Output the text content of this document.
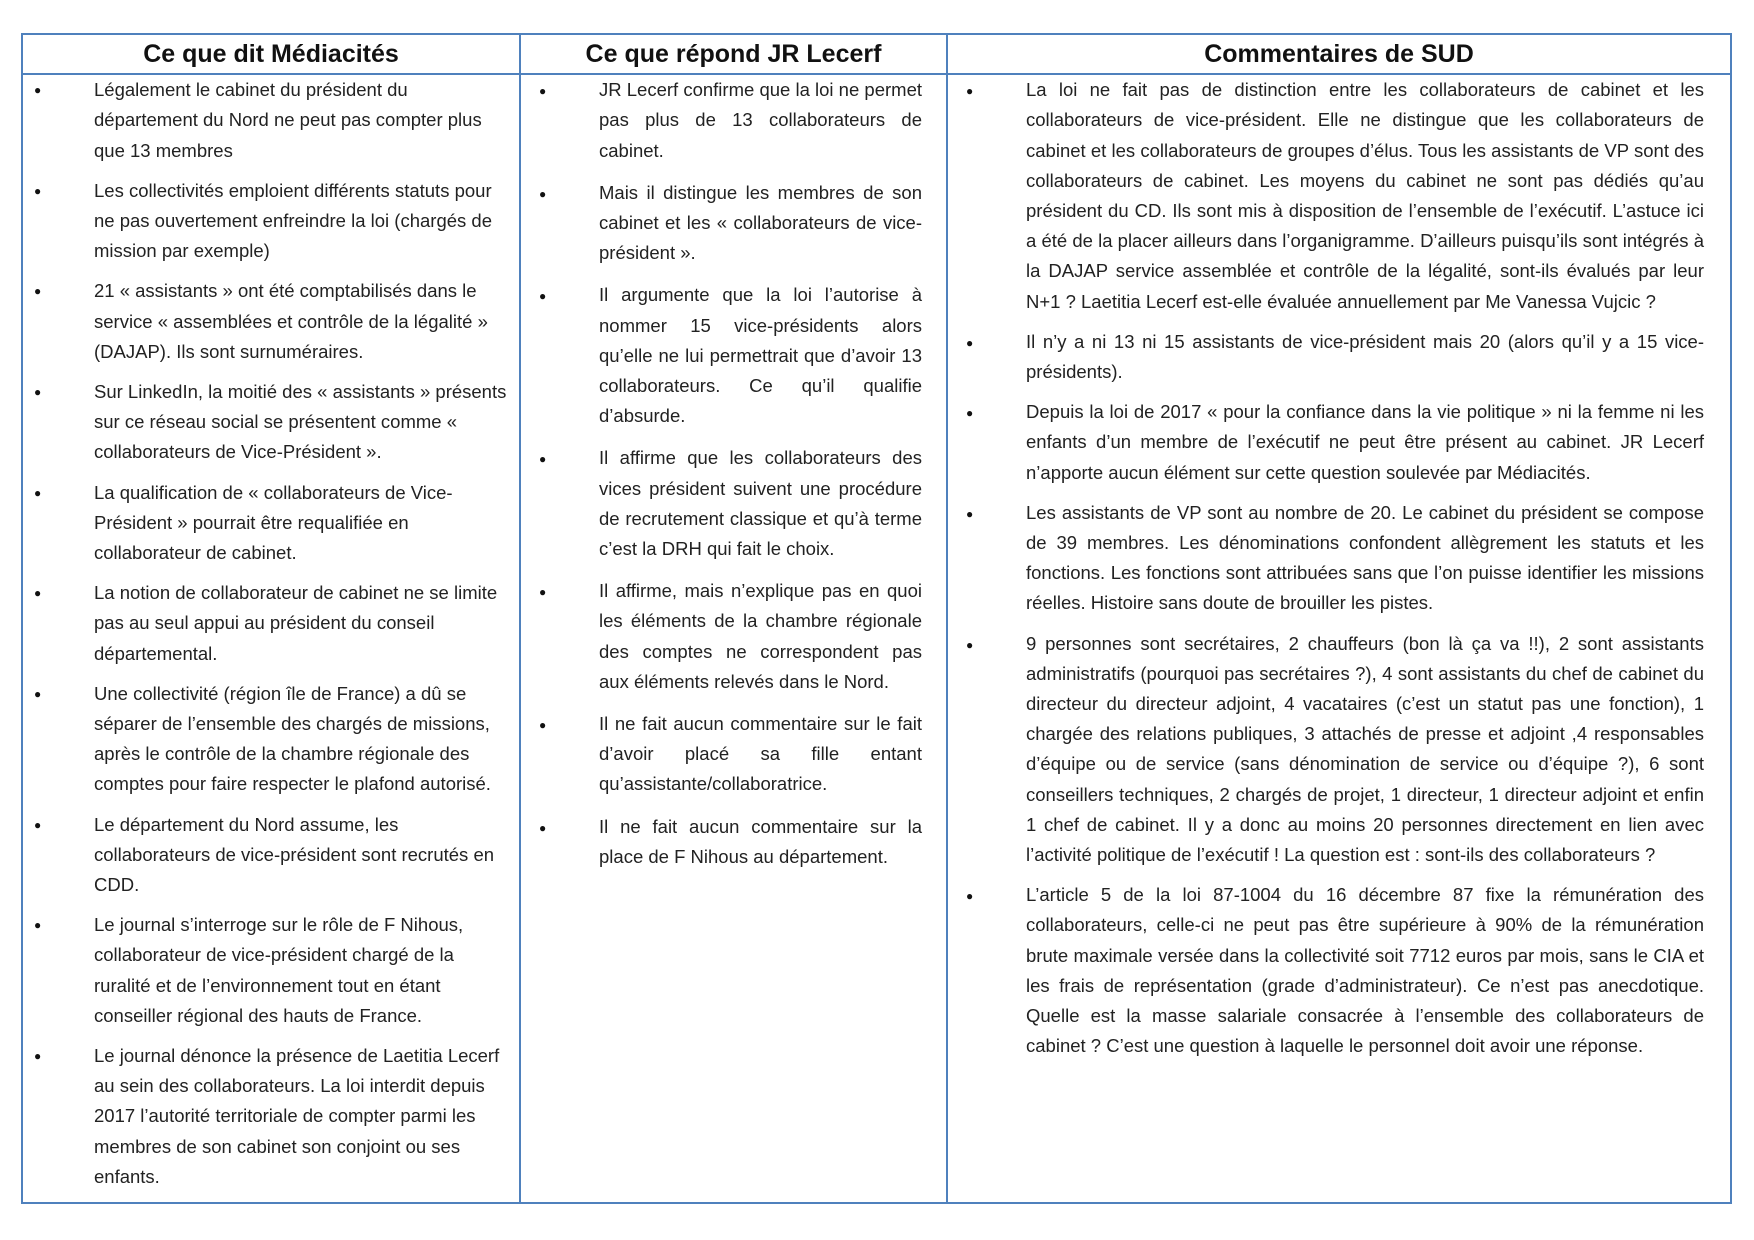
Ce que dit Médiacités	Ce que répond JR Lecerf	Commentaires de SUD
● Légalement le cabinet du président du département du Nord ne peut pas compter plus que 13 membres
● Les collectivités emploient différents statuts pour ne pas ouvertement enfreindre la loi (chargés de mission par exemple)
● 21 « assistants » ont été comptabilisés dans le service « assemblées et contrôle de la légalité » (DAJAP). Ils sont surnuméraires.
● Sur LinkedIn, la moitié des « assistants » présents sur ce réseau social se présentent comme « collaborateurs de Vice-Président ».
● La qualification de « collaborateurs de Vice-Président » pourrait être requalifiée en collaborateur de cabinet.
● La notion de collaborateur de cabinet ne se limite pas au seul appui au président du conseil départemental.
● Une collectivité (région île de France) a dû se séparer de l’ensemble des chargés de missions, après le contrôle de la chambre régionale des comptes pour faire respecter le plafond autorisé.
● Le département du Nord assume, les collaborateurs de vice-président sont recrutés en CDD.
● Le journal s’interroge sur le rôle de F Nihous, collaborateur de vice-président chargé de la ruralité et de l’environnement tout en étant conseiller régional des hauts de France.
● Le journal dénonce la présence de Laetitia Lecerf au sein des collaborateurs. La loi interdit depuis 2017 l’autorité territoriale de compter parmi les membres de son cabinet son conjoint ou ses enfants.
● JR Lecerf confirme que la loi ne permet pas plus de 13 collaborateurs de cabinet.
● Mais il distingue les membres de son cabinet et les « collaborateurs de vice-président ».
● Il argumente que la loi l’autorise à nommer 15 vice-présidents alors qu’elle ne lui permettrait que d’avoir 13 collaborateurs. Ce qu’il qualifie d’absurde.
● Il affirme que les collaborateurs des vices président suivent une procédure de recrutement classique et qu’à terme c’est la DRH qui fait le choix.
● Il affirme, mais n’explique pas en quoi les éléments de la chambre régionale des comptes ne correspondent pas aux éléments relevés dans le Nord.
● Il ne fait aucun commentaire sur le fait d’avoir placé sa fille entant qu’assistante/collaboratrice.
● Il ne fait aucun commentaire sur la place de F Nihous au département.
● La loi ne fait pas de distinction entre les collaborateurs de cabinet et les collaborateurs de vice-président. Elle ne distingue que les collaborateurs de cabinet et les collaborateurs de groupes d’élus. Tous les assistants de VP sont des collaborateurs de cabinet. Les moyens du cabinet ne sont pas dédiés qu’au président du CD. Ils sont mis à disposition de l’ensemble de l’exécutif. L’astuce ici a été de la placer ailleurs dans l’organigramme. D’ailleurs puisqu’ils sont intégrés à la DAJAP service assemblée et contrôle de la légalité, sont-ils évalués par leur N+1 ? Laetitia Lecerf est-elle évaluée annuellement par Me Vanessa Vujcic ?
● Il n’y a ni 13 ni 15 assistants de vice-président mais 20 (alors qu’il y a 15 vice-présidents).
● Depuis la loi de 2017 « pour la confiance dans la vie politique » ni la femme ni les enfants d’un membre de l’exécutif ne peut être présent au cabinet. JR Lecerf n’apporte aucun élément sur cette question soulevée par Médiacités.
● Les assistants de VP sont au nombre de 20. Le cabinet du président se compose de 39 membres. Les dénominations confondent allègrement les statuts et les fonctions. Les fonctions sont attribuées sans que l’on puisse identifier les missions réelles. Histoire sans doute de brouiller les pistes.
● 9 personnes sont secrétaires, 2 chauffeurs (bon là ça va !!), 2 sont assistants administratifs (pourquoi pas secrétaires ?), 4 sont assistants du chef de cabinet du directeur du directeur adjoint, 4 vacataires (c’est un statut pas une fonction), 1 chargée des relations publiques, 3 attachés de presse et adjoint ,4 responsables d’équipe ou de service (sans dénomination de service ou d’équipe ?), 6 sont conseillers techniques, 2 chargés de projet, 1 directeur, 1 directeur adjoint et enfin 1 chef de cabinet. Il y a donc au moins 20 personnes directement en lien avec l’activité politique de l’exécutif ! La question est : sont-ils des collaborateurs ?
● L’article 5 de la loi 87-1004 du 16 décembre 87 fixe la rémunération des collaborateurs, celle-ci ne peut pas être supérieure à 90% de la rémunération brute maximale versée dans la collectivité soit 7712 euros par mois, sans le CIA et les frais de représentation (grade d’administrateur). Ce n’est pas anecdotique. Quelle est la masse salariale consacrée à l’ensemble des collaborateurs de cabinet ? C’est une question à laquelle le personnel doit avoir une réponse.
